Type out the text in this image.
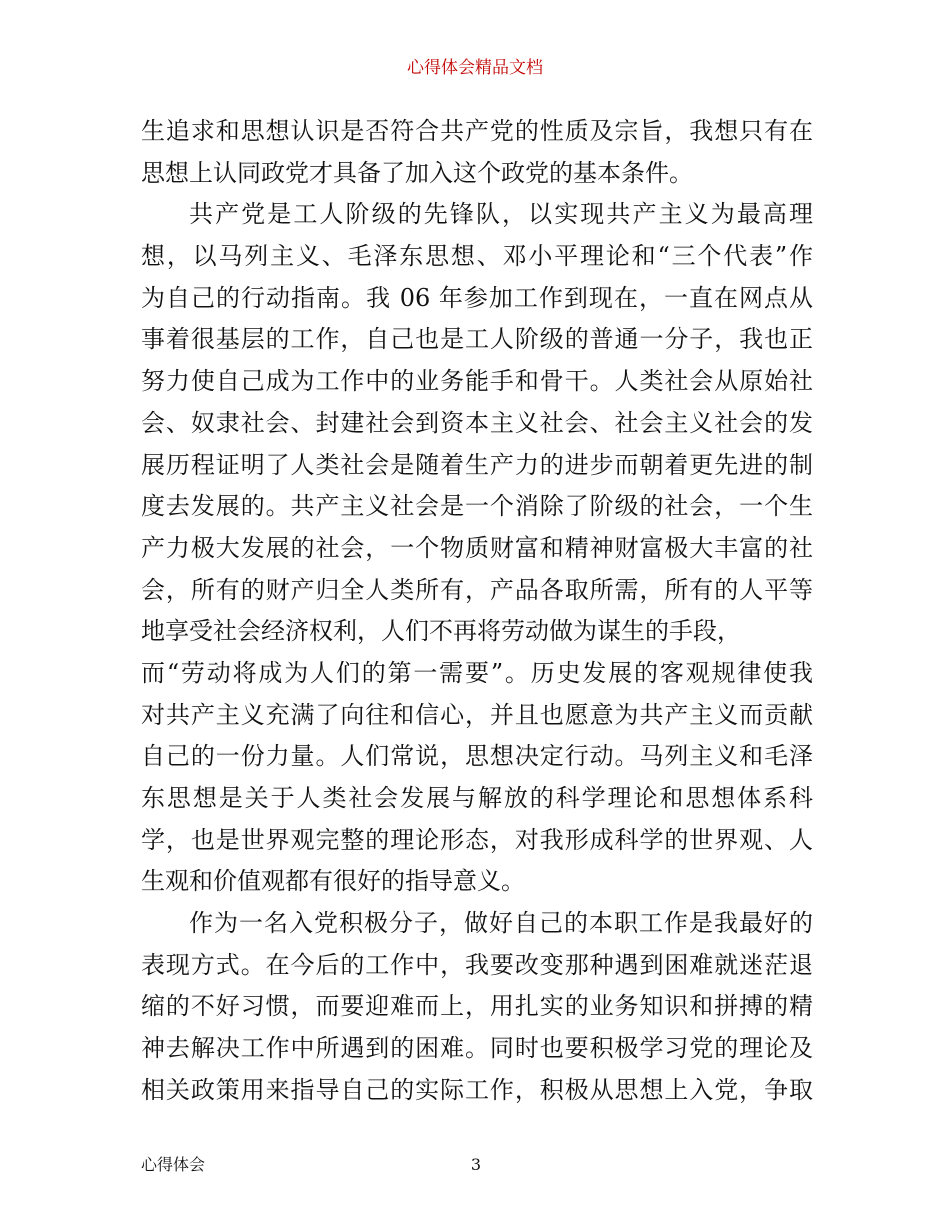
心得体会精品文档
生追求和思想认识是否符合共产党的性质及宗旨，我想只有在
思想上认同政党才具备了加入这个政党的基本条件。
共产党是工人阶级的先锋队，以实现共产主义为最高理
想，以马列主义、毛泽东思想、邓小平理论和“三个代表”作
为自己的行动指南。我 06 年参加工作到现在，一直在网点从
事着很基层的工作，自己也是工人阶级的普通一分子，我也正
努力使自己成为工作中的业务能手和骨干。人类社会从原始社
会、奴隶社会、封建社会到资本主义社会、社会主义社会的发
展历程证明了人类社会是随着生产力的进步而朝着更先进的制
度去发展的。共产主义社会是一个消除了阶级的社会，一个生
产力极大发展的社会，一个物质财富和精神财富极大丰富的社
会，所有的财产归全人类所有，产品各取所需，所有的人平等
地享受社会经济权利，人们不再将劳动做为谋生的手段，
而“劳动将成为人们的第一需要”。历史发展的客观规律使我
对共产主义充满了向往和信心，并且也愿意为共产主义而贡献
自己的一份力量。人们常说，思想决定行动。马列主义和毛泽
东思想是关于人类社会发展与解放的科学理论和思想体系科
学，也是世界观完整的理论形态，对我形成科学的世界观、人
生观和价值观都有很好的指导意义。
作为一名入党积极分子，做好自己的本职工作是我最好的
表现方式。在今后的工作中，我要改变那种遇到困难就迷茫退
缩的不好习惯，而要迎难而上，用扎实的业务知识和拼搏的精
神去解决工作中所遇到的困难。同时也要积极学习党的理论及
相关政策用来指导自己的实际工作，积极从思想上入党，争取
心得体会	3
